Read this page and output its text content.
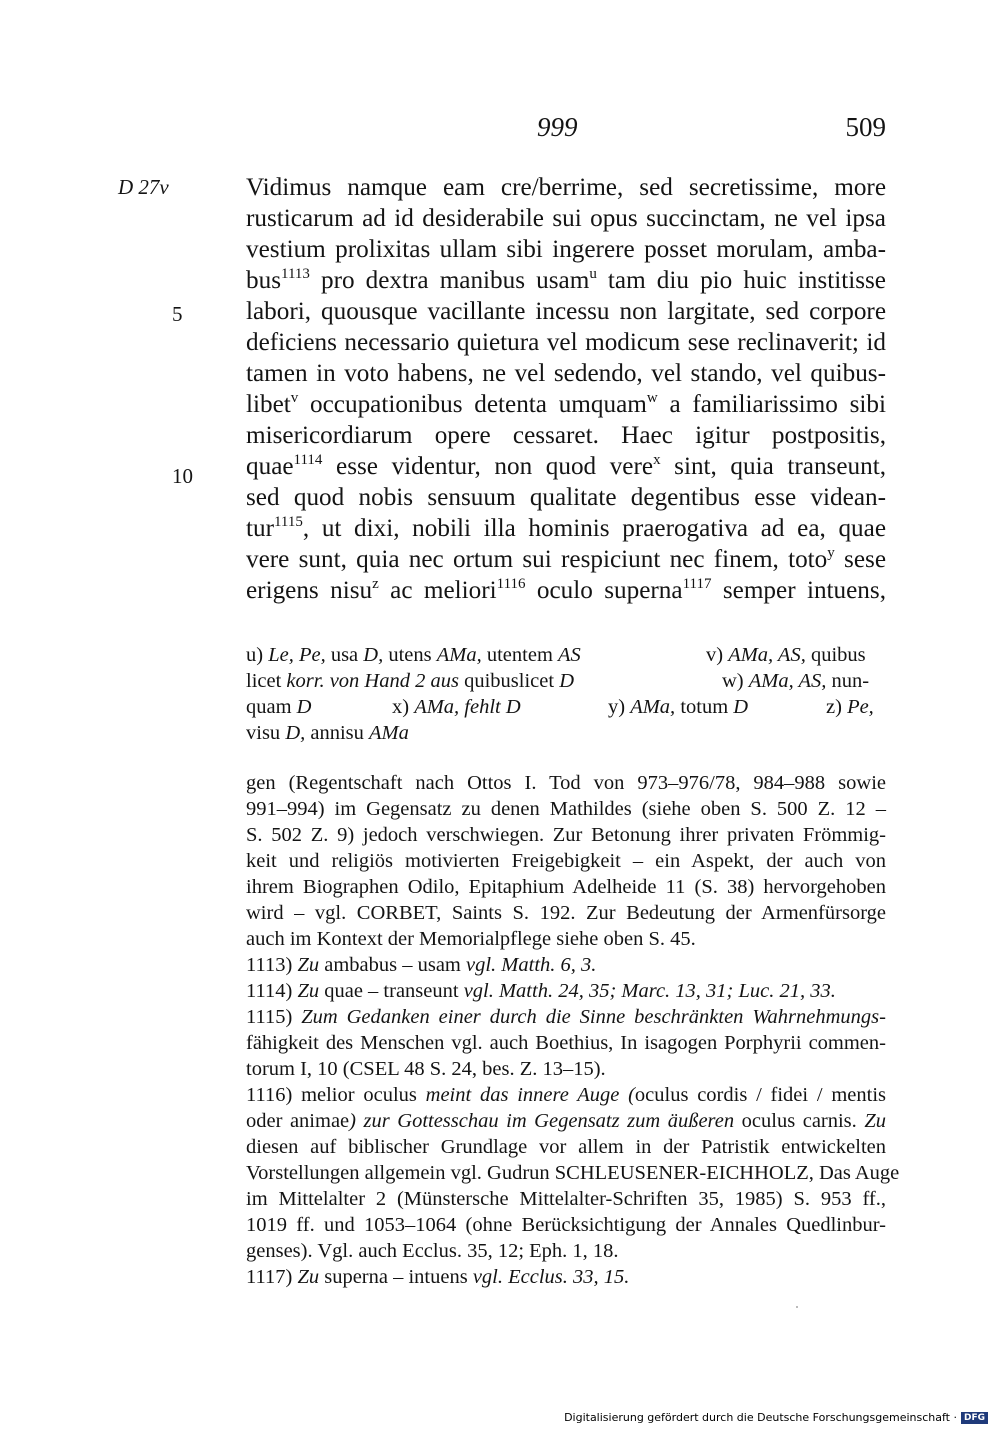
999	509
D 27v
5
10
Vidimus namque eam cre/berrime, sed secretissime, more
rusticarum ad id desiderabile sui opus succinctam, ne vel ipsa
vestium prolixitas ullam sibi ingerere posset morulam, amba-
bus$^{1113}$ pro dextra manibus usam$^u$ tam diu pio huic institisse
labori, quousque vacillante incessu non largitate, sed corpore
deficiens necessario quietura vel modicum sese reclinaverit; id
tamen in voto habens, ne vel sedendo, vel stando, vel quibus-
libet$^v$ occupationibus detenta umquam$^w$ a familiarissimo sibi
misericordiarum opere cessaret. Haec igitur postpositis,
quae$^{1114}$ esse videntur, non quod vere$^x$ sint, quia transeunt,
sed quod nobis sensuum qualitate degentibus esse videan-
tur$^{1115}$, ut dixi, nobili illa hominis praerogativa ad ea, quae
vere sunt, quia nec ortum sui respiciunt nec finem, toto$^y$ sese
erigens nisu$^z$ ac meliori$^{1116}$ oculo superna$^{1117}$ semper intuens,
u) Le, Pe, usa D, utens AMa, utentem AS	v) AMa, AS, quibus
licet korr. von Hand 2 aus quibuslicet D	w) AMa, AS, nun-
quam D	x) AMa, fehlt D	y) AMa, totum D	z) Pe,
visu D, annisu AMa
gen (Regentschaft nach Ottos I. Tod von 973–976/78, 984–988 sowie
991–994) im Gegensatz zu denen Mathildes (siehe oben S. 500 Z. 12 –
S. 502 Z. 9) jedoch verschwiegen. Zur Betonung ihrer privaten Frömmig-
keit und religiös motivierten Freigebigkeit – ein Aspekt, der auch von
ihrem Biographen Odilo, Epitaphium Adelheide 11 (S. 38) hervorgehoben
wird – vgl. CORBET, Saints S. 192. Zur Bedeutung der Armenfürsorge
auch im Kontext der Memorialpflege siehe oben S. 45.
1113) Zu ambabus – usam vgl. Matth. 6, 3.
1114) Zu quae – transeunt vgl. Matth. 24, 35; Marc. 13, 31; Luc. 21, 33.
1115) Zum Gedanken einer durch die Sinne beschränkten Wahrnehmungs-
fähigkeit des Menschen vgl. auch Boethius, In isagogen Porphyrii commen-
torum I, 10 (CSEL 48 S. 24, bes. Z. 13–15).
1116) melior oculus meint das innere Auge (oculus cordis / fidei / mentis
oder animae) zur Gottesschau im Gegensatz zum äußeren oculus carnis. Zu
diesen auf biblischer Grundlage vor allem in der Patristik entwickelten
Vorstellungen allgemein vgl. Gudrun SCHLEUSENER-EICHHOLZ, Das Auge
im Mittelalter 2 (Münstersche Mittelalter-Schriften 35, 1985) S. 953 ff.,
1019 ff. und 1053–1064 (ohne Berücksichtigung der Annales Quedlinbur-
genses). Vgl. auch Ecclus. 35, 12; Eph. 1, 18.
1117) Zu superna – intuens vgl. Ecclus. 33, 15.
Digitalisierung gefördert durch die Deutsche Forschungsgemeinschaft · DFG
